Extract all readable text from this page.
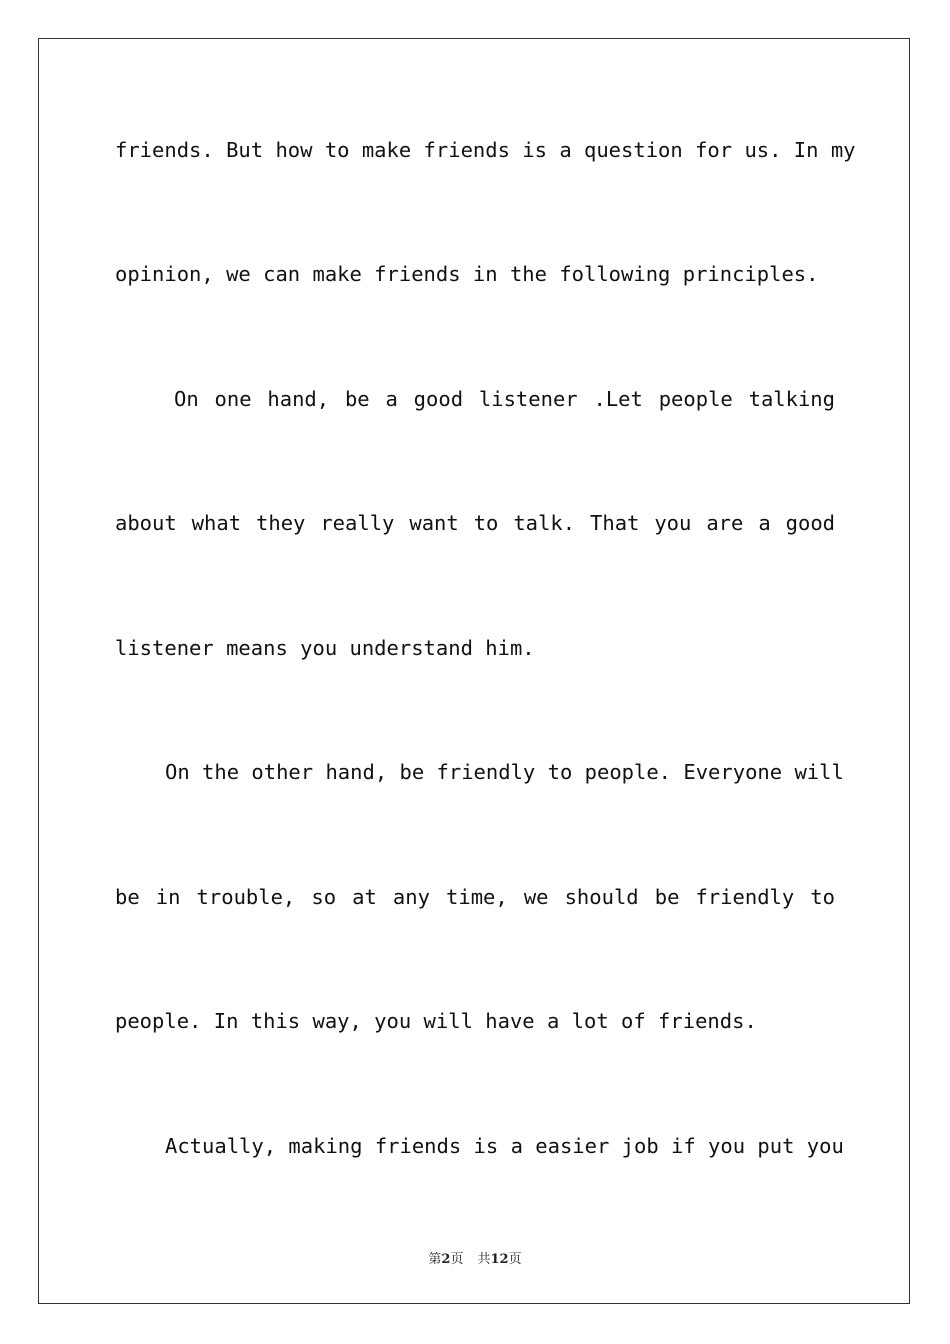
friends. But how to make friends is a question for us. In my
opinion, we can make friends in the following principles.
On one hand, be a good listener .Let people talking
about what they really want to talk. That you are a good
listener means you understand him.
On the other hand, be friendly to people. Everyone will
be in trouble, so at any time, we should be friendly to
people. In this way, you will have a lot of friends.
Actually, making friends is a easier job if you put you
第2页 共12页
